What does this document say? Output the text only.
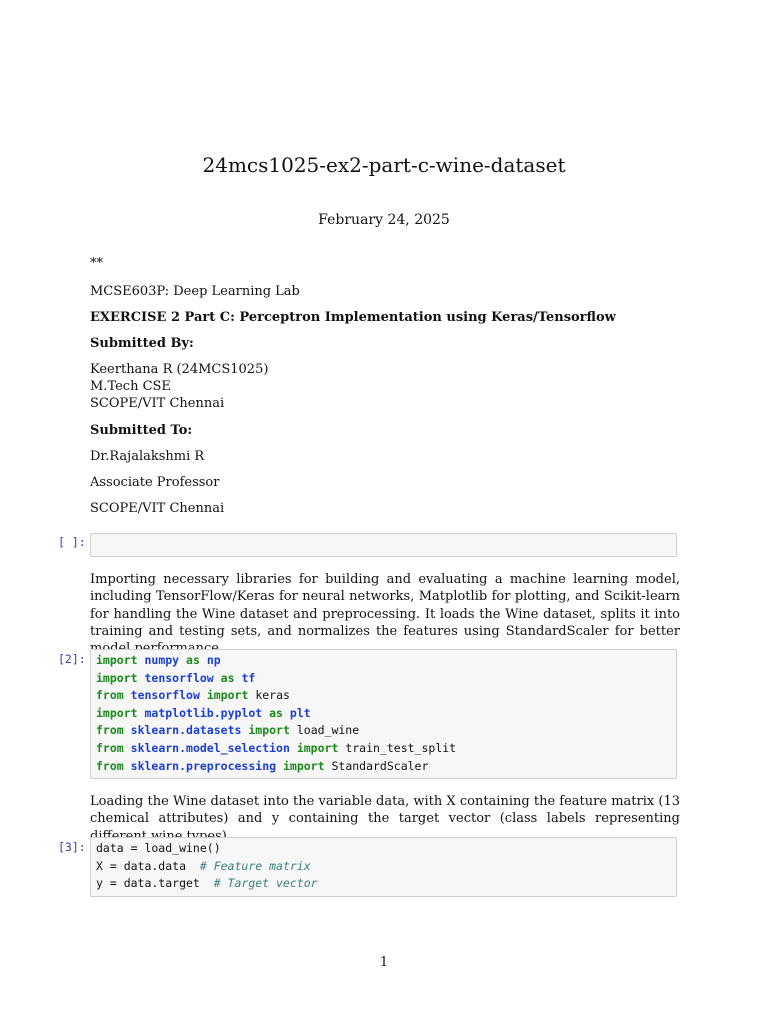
24mcs1025-ex2-part-c-wine-dataset
February 24, 2025

**

MCSE603P: Deep Learning Lab

EXERCISE 2 Part C: Perceptron Implementation using Keras/Tensorflow

Submitted By:

Keerthana R (24MCS1025)

M.Tech CSE

SCOPE/VIT Chennai

Submitted To:

Dr.Rajalakshmi R

Associate Professor

SCOPE/VIT Chennai

[ ]:
Importing necessary libraries for building and evaluating a machine learning model, including TensorFlow/Keras for neural networks, Matplotlib for plotting, and Scikit-learn for handling the Wine dataset and preprocessing. It loads the Wine dataset, splits it into training and testing sets, and normalizes the features using StandardScaler for better
[2]: import numpy as np
import tensorflow as tf
from tensorflow import keras
import matplotlib.pyplot as plt
from sklearn.datasets import load_wine
from sklearn.model_selection import train_test_split
from sklearn.preprocessing import StandardScaler
Loading the Wine dataset into the variable data, with X containing the feature matrix (13 chemical attributes) and y containing the target vector (class labels representing
[3]: data = load_wine()
X = data.data  # Feature matrix
y = data.target  # Target vector
1
